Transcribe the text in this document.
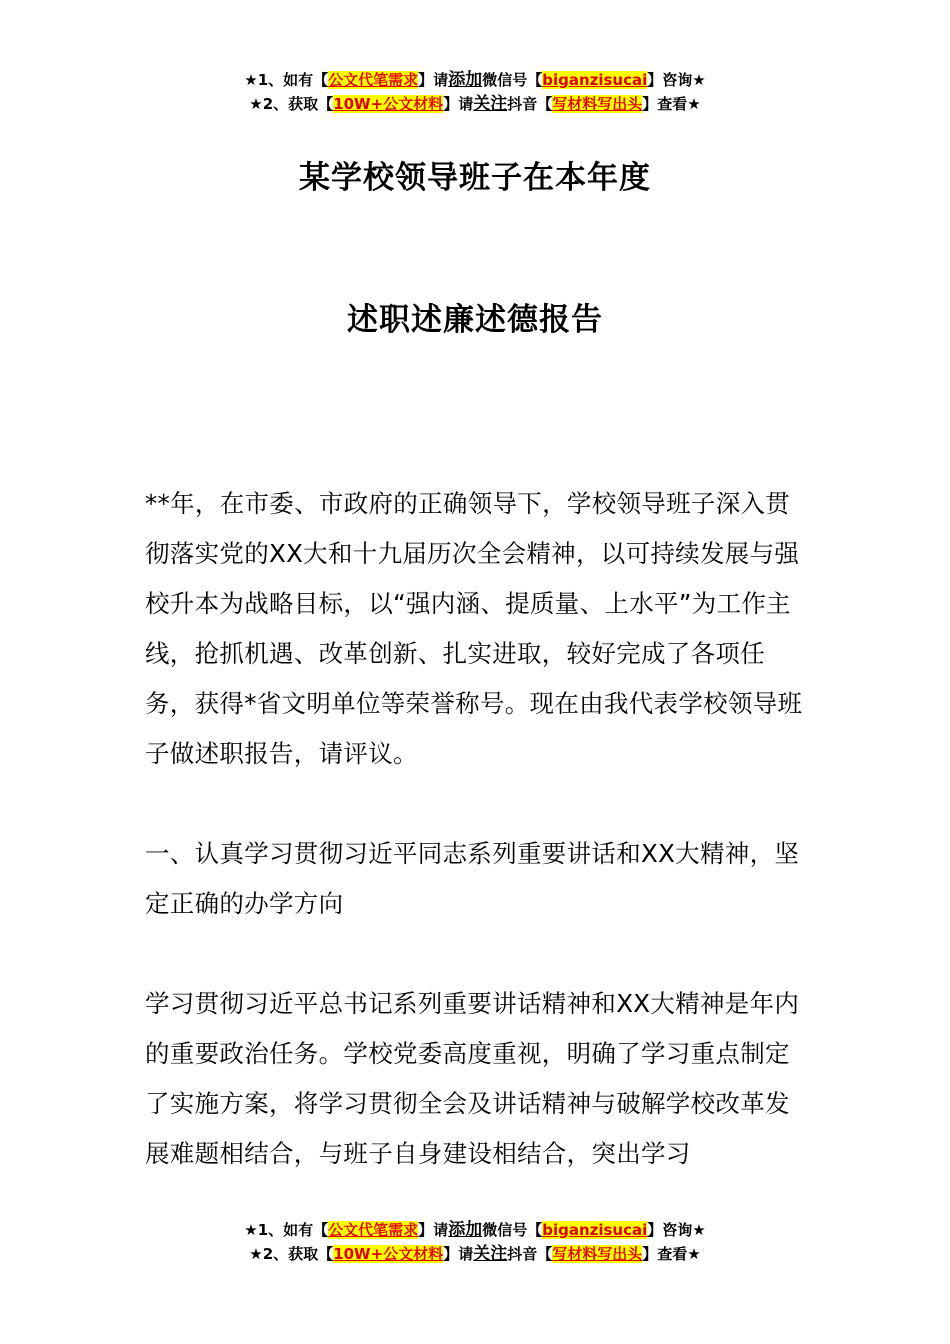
★1、如有【公文代笔需求】请添加微信号【biganzisucai】咨询★
★2、获取【10W+公文材料】请关注抖音【写材料写出头】查看★
某学校领导班子在本年度
述职述廉述德报告

**年，在市委、市政府的正确领导下，学校领导班子深入贯彻落实党的XX大和十九届历次全会精神，以可持续发展与强校升本为战略目标，以“强内涵、提质量、上水平”为工作主线，抢抓机遇、改革创新、扎实进取，较好完成了各项任务，获得*省文明单位等荣誉称号。现在由我代表学校领导班子做述职报告，请评议。

一、认真学习贯彻习近平同志系列重要讲话和XX大精神，坚定正确的办学方向

学习贯彻习近平总书记系列重要讲话精神和XX大精神是年内的重要政治任务。学校党委高度重视，明确了学习重点制定了实施方案，将学习贯彻全会及讲话精神与破解学校改革发展难题相结合，与班子自身建设相结合，突出学习

★1、如有【公文代笔需求】请添加微信号【biganzisucai】咨询★
★2、获取【10W+公文材料】请关注抖音【写材料写出头】查看★
